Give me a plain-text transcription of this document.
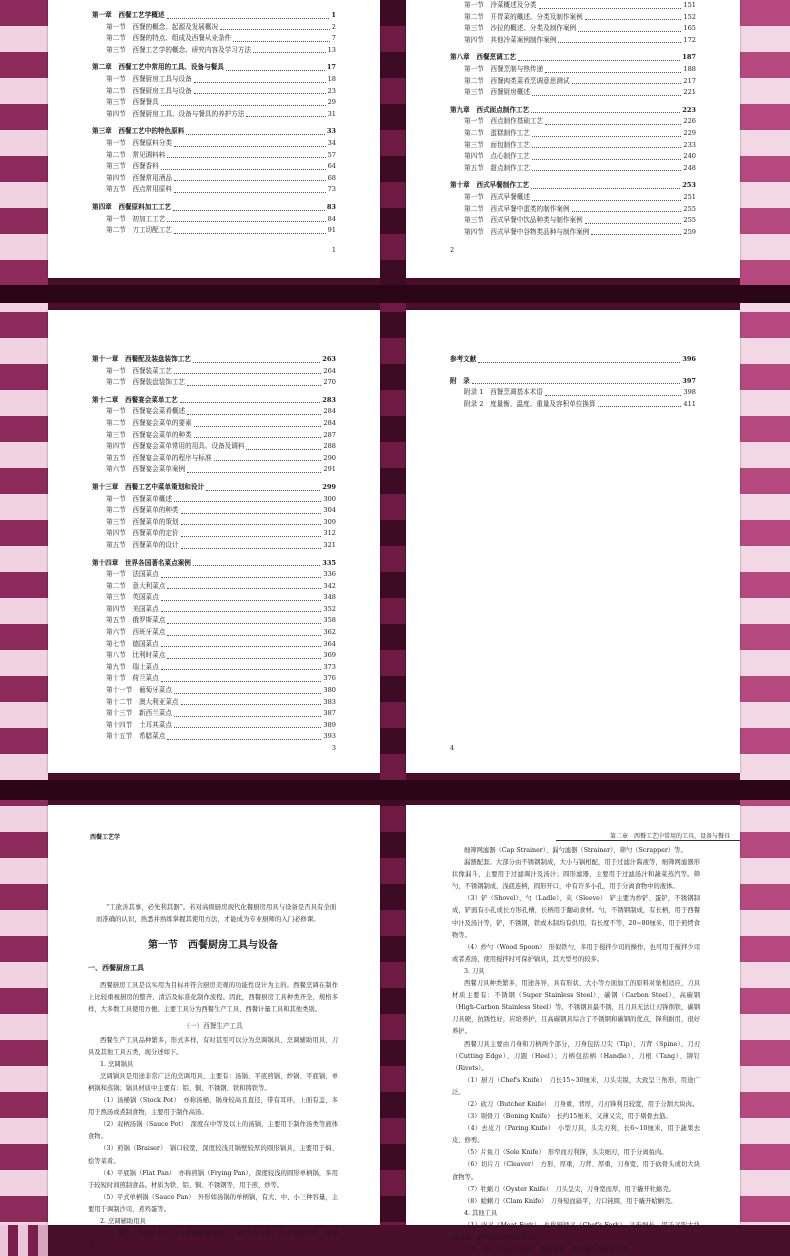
第一章　西餐工艺学概述	1
第一节　西餐的概念、起源及发展概况	2
第二节　西餐的特点、组成及西餐从业条件	7
第三节　西餐工艺学的概念、研究内容及学习方法	13
第二章　西餐工艺中常用的工具、设备与餐具	17
第一节　西餐厨房工具与设备	18
第二节　西餐厨房工具与设备	23
第三节　西餐餐具	29
第四节　西餐厨房工具、设备与餐具的养护方法	31
第三章　西餐工艺中的特色原料	33
第一节　西餐原料分类	34
第二节　常见调料料	57
第三节　西餐香料	64
第四节　西餐常用酒品	68
第五节　西点常用原料	73
第四章　西餐原料加工工艺	83
第一节　初加工工艺	84
第二节　刀工切配工艺	91
1
第一节　冷菜概述及分类	151
第二节　开胃菜的概述、分类及制作案例	152
第三节　沙拉的概述、分类及制作案例	165
第四节　其他冷菜案例制作案例	172
第八章　西餐烹调工艺	187
第一节　西餐烹制与热传递	188
第二节　西餐肉类菜肴烹调意思测试	217
第三节　西餐厨房概述	221
第九章　西式面点制作工艺	223
第一节　西点制作基础工艺	226
第二节　蛋糕制作工艺	229
第三节　面包制作工艺	233
第四节　点心制作工艺	240
第五节　甜点制作工艺	248
第十章　西式早餐制作工艺	253
第一节　西式早餐概述	251
第二节　西式早餐中蛋类的制作案例	255
第三节　西式早餐中饮品种类与制作案例	255
第四节　西式早餐中谷物类品种与制作案例	259
2
第十一章　西餐配及装盘装饰工艺	263
第一节　西餐装菜工艺	264
第二节　西餐装盘装饰工艺	270
第十二章　西餐宴会菜单工艺	283
第一节　西餐宴会菜肴概述	284
第二节　西餐宴会菜单的要素	284
第三节　西餐宴会菜单的种类	287
第四节　西餐宴会菜单常用的用具、设备及调料	288
第五节　西餐宴会菜单的程序与标准	290
第六节　西餐宴会菜单案例	291
第十三章　西餐工艺中菜单策划和设计	299
第一节　西餐菜单概述	300
第二节　西餐菜单的种类	304
第三节　西餐菜单的策划	309
第四节　西餐菜单的定价	312
第五节　西餐菜单的设计	321
第十四章　世界各国著名菜点案例	335
第一节　法国菜点	336
第二节　意大利菜点	342
第三节　英国菜点	348
第四节　美国菜点	352
第五节　俄罗斯菜点	358
第六节　西班牙菜点	362
第七节　德国菜点	364
第八节　比利时菜点	369
第九节　瑞士菜点	373
第十节　荷兰菜点	376
第十一节　葡萄牙菜点	380
第十二节　澳大利亚菜点	383
第十三节　新西兰菜点	387
第十四节　土耳其菜点	389
第十五节　希腊菜点	393
3
参考文献	396
附　录	397
附录 1　西餐烹调基本术语	398
附录 2　度量衡、温度、重量及容积单位换算	411
4
西餐工艺学
“工欲善其事，必先利其器”。若对高级厨房现代化餐厨房用具与设备是否具有全面而准确的认识，熟悉并熟练掌握其使用方法，才能成为专业厨师的入门必修课。
第一节　西餐厨房工具与设备
一、西餐厨房工具

西餐厨房工具是以实用为目标并符合厨房美观的功能性设计为主的。西餐烹调在制作上比较重视厨房的整齐、清洁及标准化制作流程。因此，西餐厨房工具种类齐全，规格多样，大多数工具使用方便。主要工具分为西餐生产工具、西餐计量工具和其他类别。

（一）西餐生产工具

西餐生产工具品种繁多，形式多样，有时甚至可以分为烹调锅具、烹调辅助用具、刀具及其他工具五类，现分述如下。

1. 烹调锅具

烹调锅具是用途非常广泛的烹调用具，主要有：汤锅、平底煎锅、炒锅、平底锅、单柄锅和蒸锅；锅具材质中主要有：铝、铜、不锈钢、铁和铸铁等。

（1）汤桶锅（Stock Pot）　亦称汤桶，锅身较高且直径，带有耳环，上面有盖，多用于熬汤或煮制食物，主要用于制作高汤。

（2）双柄汤锅（Sauce Pot）　深度在中等及以上的汤锅，主要用于制作汤类等液体食物。

（3）煎锅（Braiser）　锅口较宽，深度较浅且锅壁较厚的圆形锅具，主要用于焖、烩等菜肴。

（4）平底锅（Flat Pan）　亦称煎锅（Frying Pan），深度较浅的圆形单柄锅，多用于较短时间煎制食品。材质为铁、铝、铜、不锈钢等，用于煎、炒等。

（5）平式单柄锅（Sauce Pan）　外形如汤锅的单柄锅，有大、中、小三种容量，主要用于调制沙司、煮鸡蛋等。

2. 烹调辅助用具

（1）锅盖（Roast Pot）　与烤箱配套使用，一般为长方形，用于烧烤肉类、家禽等。

第二章　西餐工艺中常用的工具、设备与餐具

细筛网滤器（Cap Strainer）、漏勺滤器（Strainer）、筛勺（Scrapper）等。

漏器配套。大部分由不锈钢制成，大小与锅相配，用于过滤汁酱液等，细筛网滤器形状像漏斗，主要用于过滤调汁及汤汁；圆形滤器，主要用于过滤汤汁和蔬菜蒸汽等。筛勺，不锈钢制成，浅底连柄，圆形开口，中有许多小孔，用于分离食物中的液体。

（3）铲（Shovel）、勺（Ladle）、夹（Sleeve）　铲主要为炒铲、蛋铲，不锈钢制成，铲面有小孔或长方形孔槽，长柄用于翻动食材。勺，不锈钢制成，有长柄，用于西餐中汁及汤汁等，铲，不锈钢，铁或木制均有供用，有长度不等，20~80厘米，用于煎烤食物等。

（4）炒勺（Wood Spoon）　形似铁勺，多用于搅拌少司的操作，也可用于搅拌少司或者煮汤，使用搅拌时可保护锅具，其大型号的较多。

3. 刀具

西餐刀具种类繁多，用途各异，具有形状、大小等方面加工的原料对象相适应，刀具材质主要有：不锈钢（Super Stainless Steel）、碳钢（Carbon Steel）、高碳钢（High-Carbon Stainless Steel）等。不锈钢具最不锈，且刀具无法让刃锋削铁，碳钢刀具硬，抗锈性好，应培养护，且高碳钢具综合了不锈钢和碳钢的优点，锋利耐用，很好养护。

西餐刀具主要由刀身和刀柄两个部分，刀身包括刀尖（Tip）、刀背（Spine）、刀刃（Cutting Edge）、刀跟（Heel）；刀柄包括柄（Handle）、刀根（Tang）、铆钉（Rivets）。

（1）厨刀（Chef's Knife）　刀长15~30厘米，刀头尖锐，大致呈三角形，用途广泛。

（2）砍刀（Butcher Knife）　刀身重，背厚，刀刃锋利且较宽，用于分割大块肉。

（3）剔骨刀（Boning Knife）　长约15厘米，又薄又尖，用于剔骨去筋。

（4）去皮刀（Paring Knife）　小型刀具，头尖刃利，长6~10厘米，用于蔬果去皮、修剪。

（5）片鱼刀（Sole Knife）　形窄而刃利锋，头尖细刃，用于分离鱼肉。

（6）切片刀（Cleaver）　方形、厚重，刀背、厚重，刀身宽，用于砍骨头或切大块食物等。

（7）牡蛎刀（Oyster Knife）　刀头呈尖，刀身宽而厚，用于撬开牡蛎壳。

（8）蛤蜊刀（Clam Knife）　刀身短而扁平，刀口钝圆，用于撬开蛤蜊壳。

4. 其他工具

（1）肉叉（Meat Fork）　也称厨师叉（Chef's Fork），叉齿细长，用于叉取大块熟肉类，避免烫伤并确保安全。

（2）刀磨（Mise Saw）　形状厚重，用以锯开骨骼等大骨。
